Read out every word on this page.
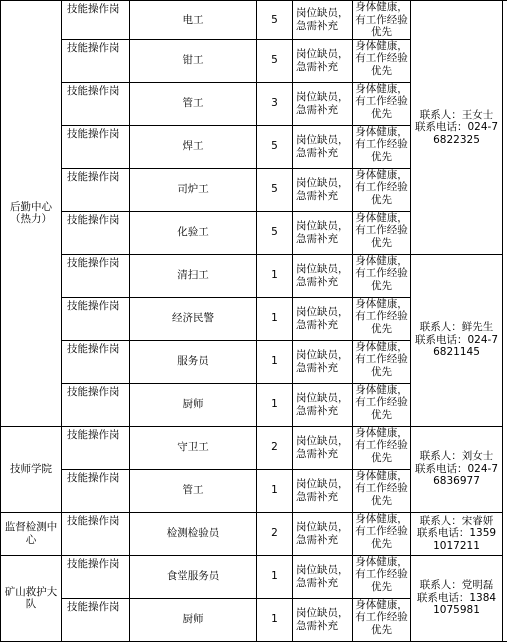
后勤中心（热力）	技能操作岗	电工	5	岗位缺员，急需补充	身体健康，有工作经验优先	联系人：王女士 联系电话：024-76822325	
	技能操作岗	钳工	5	岗位缺员，急需补充	身体健康，有工作经验优先		
	技能操作岗	管工	3	岗位缺员，急需补充	身体健康，有工作经验优先		
	技能操作岗	焊工	5	岗位缺员，急需补充	身体健康，有工作经验优先		
	技能操作岗	司炉工	5	岗位缺员，急需补充	身体健康，有工作经验优先		
	技能操作岗	化验工	5	岗位缺员，急需补充	身体健康，有工作经验优先		
	技能操作岗	清扫工	1	岗位缺员，急需补充	身体健康，有工作经验优先	联系人：鲜先生 联系电话：024-76821145	
	技能操作岗	经济民警	1	岗位缺员，急需补充	身体健康，有工作经验优先		
	技能操作岗	服务员	1	岗位缺员，急需补充	身体健康，有工作经验优先		
	技能操作岗	厨师	1	岗位缺员，急需补充	身体健康，有工作经验优先		
技师学院	技能操作岗	守卫工	2	岗位缺员，急需补充	身体健康，有工作经验优先	联系人：刘女士 联系电话：024-76836977	
	技能操作岗	管工	1	岗位缺员，急需补充	身体健康，有工作经验优先		
监督检测中心	技能操作岗	检测检验员	2	岗位缺员，急需补充	身体健康，有工作经验优先	联系人：宋睿妍 联系电话：13591017211	
矿山救护大队	技能操作岗	食堂服务员	1	岗位缺员，急需补充	身体健康，有工作经验优先	联系人：党明磊 联系电话：13841075981	
	技能操作岗	厨师	1	岗位缺员，急需补充	身体健康，有工作经验优先		
